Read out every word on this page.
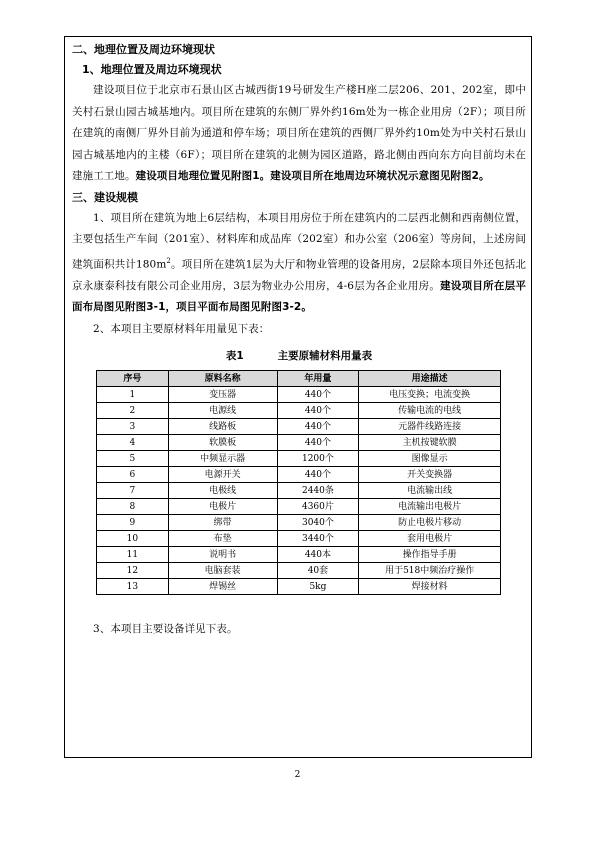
二、地理位置及周边环境现状

1、地理位置及周边环境现状

建设项目位于北京市石景山区古城西街19号研发生产楼H座二层206、201、202室，即中关村石景山园古城基地内。项目所在建筑的东侧厂界外约16m处为一栋企业用房（2F）；项目所在建筑的南侧厂界外目前为通道和停车场；项目所在建筑的西侧厂界外约10m处为中关村石景山园古城基地内的主楼（6F）；项目所在建筑的北侧为园区道路，路北侧由西向东方向目前均未在建施工工地。建设项目地理位置见附图1。建设项目所在地周边环境状况示意图见附图2。

三、建设规模

1、项目所在建筑为地上6层结构，本项目用房位于所在建筑内的二层西北侧和西南侧位置，主要包括生产车间（201室）、材料库和成品库（202室）和办公室（206室）等房间，上述房间建筑面积共计$180m^2$。项目所在建筑1层为大厅和物业管理的设备用房，2层除本项目外还包括北京永康泰科技有限公司企业用房，3层为物业办公用房，4-6层为各企业用房。建设项目所在层平面布局图见附图3-1，项目平面布局图见附图3-2。

2、本项目主要原材料年用量见下表：

表1	主要原辅材料用量表
序号	原料名称	年用量	用途描述
1	变压器	440个	电压变换；电流变换
2	电源线	440个	传输电流的电线
3	线路板	440个	元器件线路连接
4	软膜板	440个	主机按键软膜
5	中频显示器	1200个	图像显示
6	电源开关	440个	开关变换器
7	电极线	2440条	电流输出线
8	电极片	4360片	电流输出电极片
9	绑带	3040个	防止电极片移动
10	布垫	3440个	套用电极片
11	说明书	440本	操作指导手册
12	电脑套装	40套	用于518中频治疗操作
13	焊锡丝	5kg	焊接材料

3、本项目主要设备详见下表。

2
